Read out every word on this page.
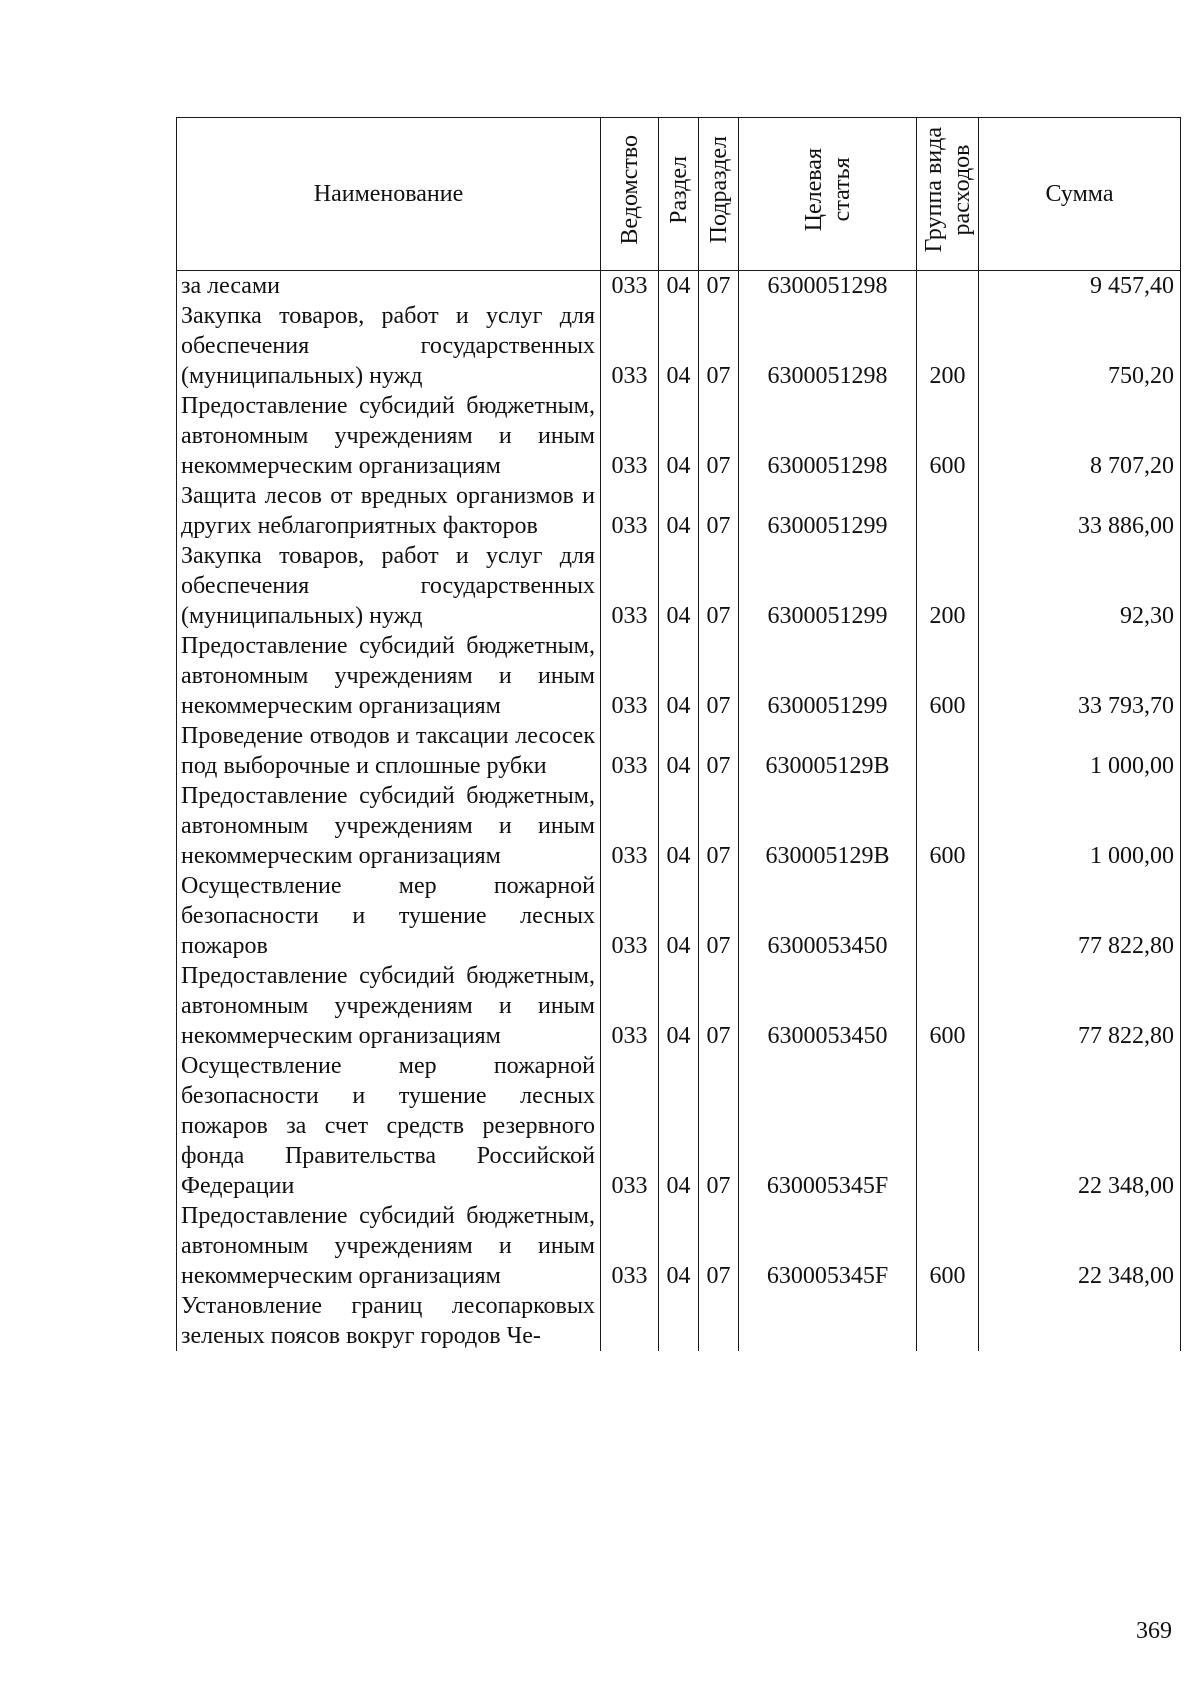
Наименование	Ведомство	Раздел	Подраздел	Целевая статья	Группа вида расходов	Сумма
за лесами	033	04	07	6300051298		9 457,40
Закупка товаров, работ и услуг для обеспечения государственных (муниципальных) нужд	033	04	07	6300051298	200	750,20
Предоставление субсидий бюджетным, автономным учреждениям и иным некоммерческим организациям	033	04	07	6300051298	600	8 707,20
Защита лесов от вредных организмов и других неблагоприятных факторов	033	04	07	6300051299		33 886,00
Закупка товаров, работ и услуг для обеспечения государственных (муниципальных) нужд	033	04	07	6300051299	200	92,30
Предоставление субсидий бюджетным, автономным учреждениям и иным некоммерческим организациям	033	04	07	6300051299	600	33 793,70
Проведение отводов и таксации лесосек под выборочные и сплошные рубки	033	04	07	630005129В		1 000,00
Предоставление субсидий бюджетным, автономным учреждениям и иным некоммерческим организациям	033	04	07	630005129В	600	1 000,00
Осуществление мер пожарной безопасности и тушение лесных пожаров	033	04	07	6300053450		77 822,80
Предоставление субсидий бюджетным, автономным учреждениям и иным некоммерческим организациям	033	04	07	6300053450	600	77 822,80
Осуществление мер пожарной безопасности и тушение лесных пожаров за счет средств резервного фонда Правительства Российской Федерации	033	04	07	630005345F		22 348,00
Предоставление субсидий бюджетным, автономным учреждениям и иным некоммерческим организациям	033	04	07	630005345F	600	22 348,00
Установление границ лесопарковых зеленых поясов вокруг городов Че-						
369
